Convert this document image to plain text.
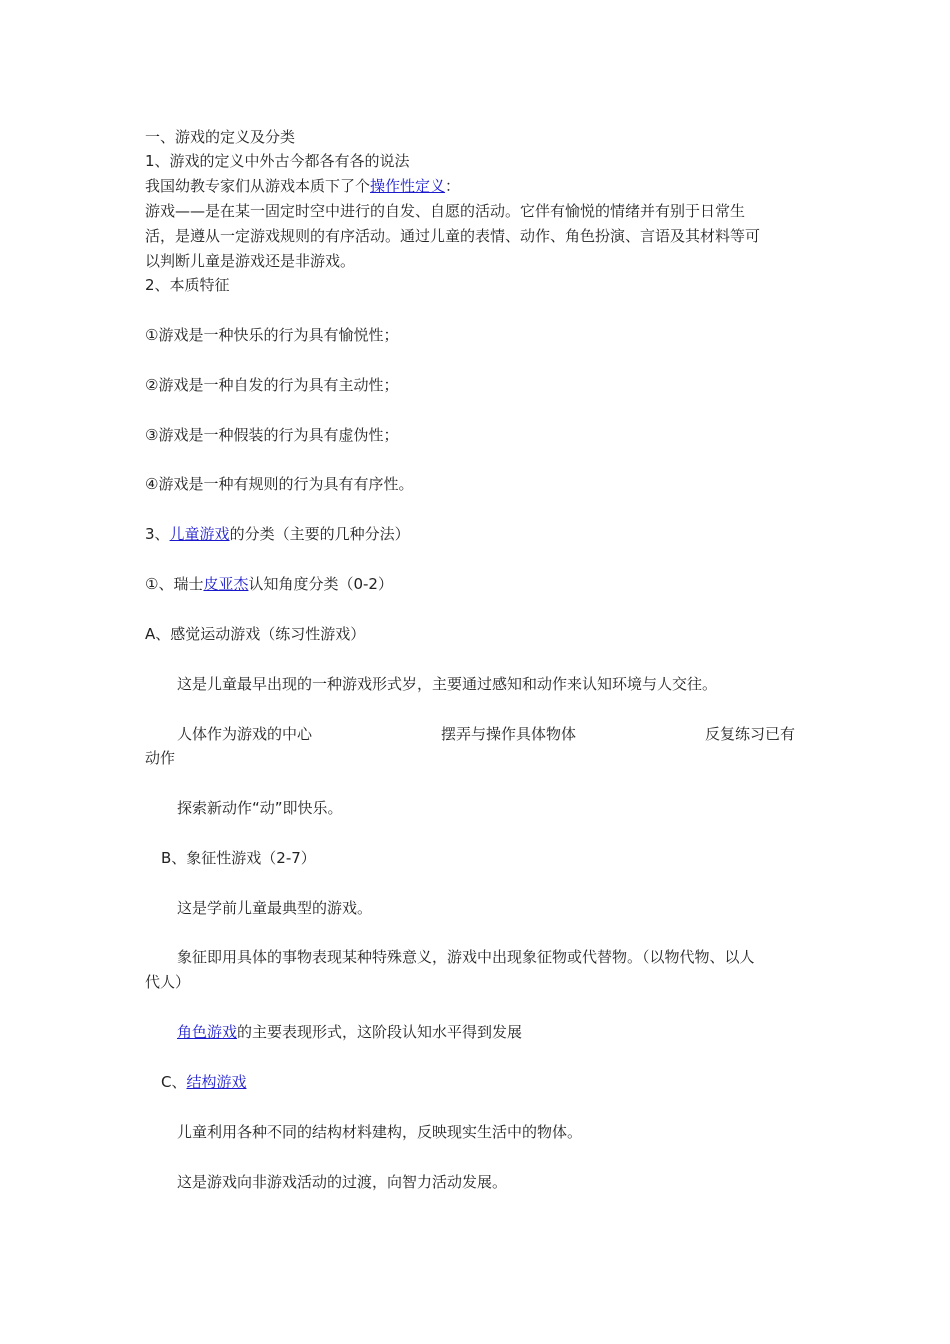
一、游戏的定义及分类
1、游戏的定义中外古今都各有各的说法
我国幼教专家们从游戏本质下了个操作性定义：
游戏——是在某一固定时空中进行的自发、自愿的活动。它伴有愉悦的情绪并有别于日常生
活，是遵从一定游戏规则的有序活动。通过儿童的表情、动作、角色扮演、言语及其材料等可
以判断儿童是游戏还是非游戏。
2、本质特征
①游戏是一种快乐的行为具有愉悦性；
②游戏是一种自发的行为具有主动性；
③游戏是一种假装的行为具有虚伪性；
④游戏是一种有规则的行为具有有序性。
3、儿童游戏的分类（主要的几种分法）
①、瑞士皮亚杰认知角度分类（0-2）
A、感觉运动游戏（练习性游戏）
这是儿童最早出现的一种游戏形式岁，主要通过感知和动作来认知环境与人交往。
人体作为游戏的中心	摆弄与操作具体物体	反复练习已有
动作
探索新动作“动”即快乐。
B、象征性游戏（2-7）
这是学前儿童最典型的游戏。
象征即用具体的事物表现某种特殊意义，游戏中出现象征物或代替物。（以物代物、以人
代人）
角色游戏的主要表现形式，这阶段认知水平得到发展
C、结构游戏
儿童利用各种不同的结构材料建构，反映现实生活中的物体。
这是游戏向非游戏活动的过渡，向智力活动发展。
